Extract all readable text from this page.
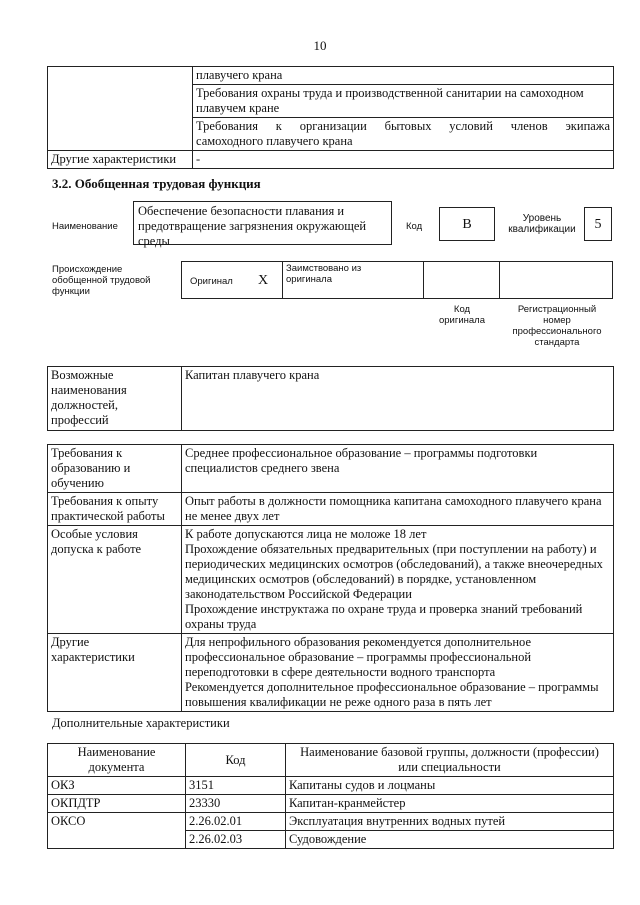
10
	плавучего крана
	Требования охраны труда и производственной санитарии на самоходном плавучем кране

	Требования к организации бытовых условий членов экипажа
самоходного плавучего крана

Другие характеристики	-
3.2. Обобщенная трудовая функция
Наименование
Обеспечение безопасности плавания и предотвращение загрязнения окружающей среды
Код	B	Уровень квалификации	5
Происхождение обобщенной трудовой функции
Оригинал X

Заимствовано из оригинала

Код оригинала
Регистрационный номер профессионального стандарта
Возможные наименования должностей, профессий	Капитан плавучего крана
Требования к образованию и обучению	Среднее профессиональное образование – программы подготовки специалистов среднего звена

Требования к опыту практической работы	Опыт работы в должности помощника капитана самоходного плавучего крана не менее двух лет

Особые условия допуска к работе	К работе допускаются лица не моложе 18 лет
Прохождение обязательных предварительных (при поступлении на работу) и периодических медицинских осмотров (обследований), а также внеочередных медицинских осмотров (обследований) в порядке, установленном законодательством Российской Федерации
Прохождение инструктажа по охране труда и проверка знаний требований охраны труда

Другие характеристики	Для непрофильного образования рекомендуется дополнительное профессиональное образование – программы профессиональной переподготовки в сфере деятельности водного транспорта
Рекомендуется дополнительное профессиональное образование – программы повышения квалификации не реже одного раза в пять лет
Дополнительные характеристики
Наименование документа	Код	Наименование базовой группы, должности (профессии) или специальности
ОКЗ	3151	Капитаны судов и лоцманы
ОКПДТР	23330	Капитан-кранмейстер
ОКСО	2.26.02.01	Эксплуатация внутренних водных путей
	2.26.02.03	Судовождение
